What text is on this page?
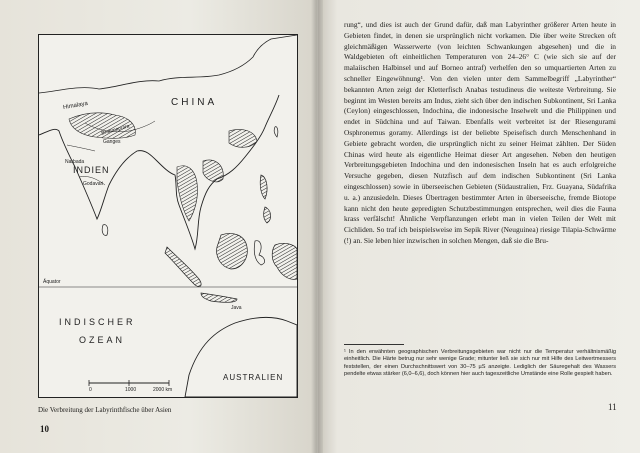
CHINA
Himalaya
Brahmaputra
Ganges
INDIEN
Narbada
Godavari
Äquator
INDISCHER
OZEAN
AUSTRALIEN
Java
0	1000	2000 km
Die Verbreitung der Labyrinthfische über Asien
10

rung“, und dies ist auch der Grund dafür, daß man Labyrinther größerer Arten heute in Gebieten findet, in denen sie ursprünglich nicht vorkamen. Die über weite Strecken oft gleichmäßigen Wasserwerte (von leichten Schwankungen abgesehen) und die in Waldgebieten oft einheitlichen Temperaturen von 24–26° C (wie sich sie auf der malaiischen Halbinsel und auf Borneo antraf) verhelfen den so umquartierten Arten zu schneller Eingewöhnung¹. Von den vielen unter dem Sammelbegriff „Labyrinther“ bekannten Arten zeigt der Kletterfisch Anabas testudineus die weiteste Verbreitung. Sie beginnt im Westen bereits am Indus, zieht sich über den indischen Subkontinent, Sri Lanka (Ceylon) eingeschlossen, Indochina, die indonesische Inselwelt und die Philippinen und endet in Südchina und auf Taiwan. Ebenfalls weit verbreitet ist der Riesengurami Osphronemus goramy. Allerdings ist der beliebte Speisefisch durch Menschenhand in Gebiete gebracht worden, die ursprünglich nicht zu seiner Heimat zählten. Der Süden Chinas wird heute als eigentliche Heimat dieser Art angesehen. Neben den heutigen Verbreitungsgebieten Indochina und den indonesischen Inseln hat es auch erfolgreiche Versuche gegeben, diesen Nutzfisch auf dem indischen Subkontinent (Sri Lanka eingeschlossen) sowie in überseeischen Gebieten (Südaustralien, Frz. Guayana, Südafrika u. a.) anzusiedeln. Dieses Übertragen bestimmter Arten in überseeische, fremde Biotope kann nicht den heute gepredigten Schutzbestimmungen entsprechen, weil dies die Fauna krass verfälscht! Ähnliche Verpflanzungen erlebt man in vielen Teilen der Welt mit Cichliden. So traf ich beispielsweise im Sepik River (Neuguinea) riesige Tilapia-Schwärme (!) an. Sie leben hier inzwischen in solchen Mengen, daß sie die Bru-

¹ In den erwähnten geographischen Verbreitungsgebieten war nicht nur die Temperatur verhältnismäßig einheitlich. Die Härte betrug nur sehr wenige Grade; mitunter ließ sie sich nur mit Hilfe des Leitwertmessers feststellen, der einen Durchschnittswert von 30–75 µS anzeigte. Lediglich der Säuregehalt des Wassers pendelte etwas stärker (6,0–6,6), doch können hier auch tageszeitliche Umstände eine Rolle gespielt haben.
11
